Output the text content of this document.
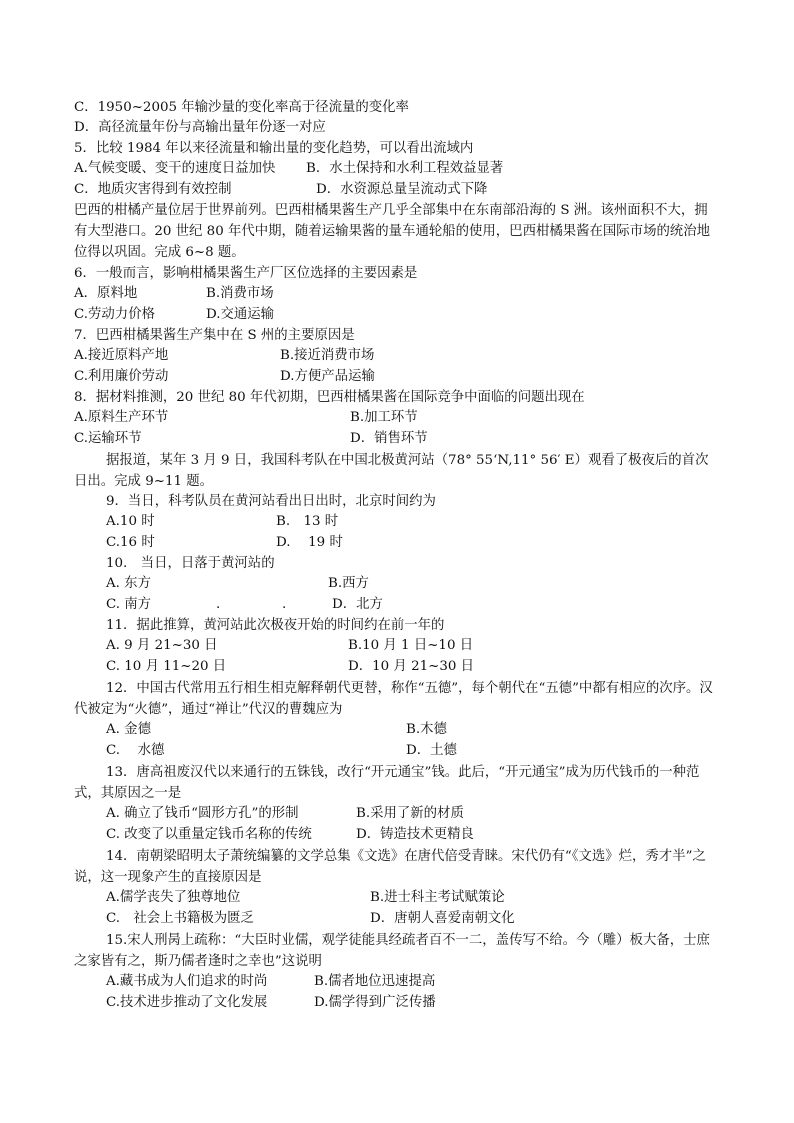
C．1950~2005 年输沙量的变化率高于径流量的变化率
D．高径流量年份与高输出量年份逐一对应
5．比较 1984 年以来径流量和输出量的变化趋势，可以看出流域内
A.气候变暖、变干的速度日益加快 B．水土保持和水利工程效益显著
C．地质灾害得到有效控制	D．水资源总量呈流动式下降
巴西的柑橘产量位居于世界前列。巴西柑橘果酱生产几乎全部集中在东南部沿海的 S 洲。该州面积不大，拥有大型港口。20 世纪 80 年代中期，随着运输果酱的量车通轮船的使用，巴西柑橘果酱在国际市场的统治地位得以巩固。完成 6~8 题。
6．一般而言，影响柑橘果酱生产厂区位选择的主要因素是
A．原料地	B.消费市场
C.劳动力价格	D.交通运输
7．巴西柑橘果酱生产集中在 S 州的主要原因是
A.接近原料产地	B.接近消费市场
C.利用廉价劳动	D.方便产品运输
8．据材料推测，20 世纪 80 年代初期，巴西柑橘果酱在国际竞争中面临的问题出现在
A.原料生产环节	B.加工环节
C.运输环节	D．销售环节
据报道，某年 3 月 9 日，我国科考队在中国北极黄河站（78° 55‘N,11° 56′ E）观看了极夜后的首次日出。完成 9~11 题。
9．当日，科考队员在黄河站看出日出时，北京时间约为
A.10 时	B.　13 时
C.16 时	D.　 19 时
10.　当日，日落于黄河站的
A. 东方	B.西方
C. 南方	.	.	D．北方
11．据此推算，黄河站此次极夜开始的时间约在前一年的
A. 9 月 21~30 日	B.10 月 1 日~10 日
C. 10 月 11~20 日	D．10 月 21~30 日
12．中国古代常用五行相生相克解释朝代更替，称作“五德”，每个朝代在“五德”中都有相应的次序。汉代被定为“火德”，通过“禅让”代汉的曹魏应为
A. 金德	B.木德
C.　 水德	D．土德
13．唐高祖废汉代以来通行的五铢钱，改行“开元通宝”钱。此后，“开元通宝”成为历代钱币的一种范式，其原因之一是
A. 确立了钱币“圆形方孔”的形制	B.采用了新的材质
C. 改变了以重量定钱币名称的传统	D．铸造技术更精良
14．南朝梁昭明太子萧统编纂的文学总集《文选》在唐代倍受青睐。宋代仍有“《文选》烂，秀才半”之说，这一现象产生的直接原因是
A.儒学丧失了独尊地位	B.进士科主考试赋策论
C.　社会上书籍极为匮乏	D．唐朝人喜爱南朝文化
15.宋人刑昺上疏称：“大臣时业儒，观学徒能具经疏者百不一二，盖传写不给。今（雕）板大备，士庶之家皆有之，斯乃儒者逢时之幸也”这说明
A.藏书成为人们追求的时尚	B.儒者地位迅速提高
C.技术进步推动了文化发展	D.儒学得到广泛传播
